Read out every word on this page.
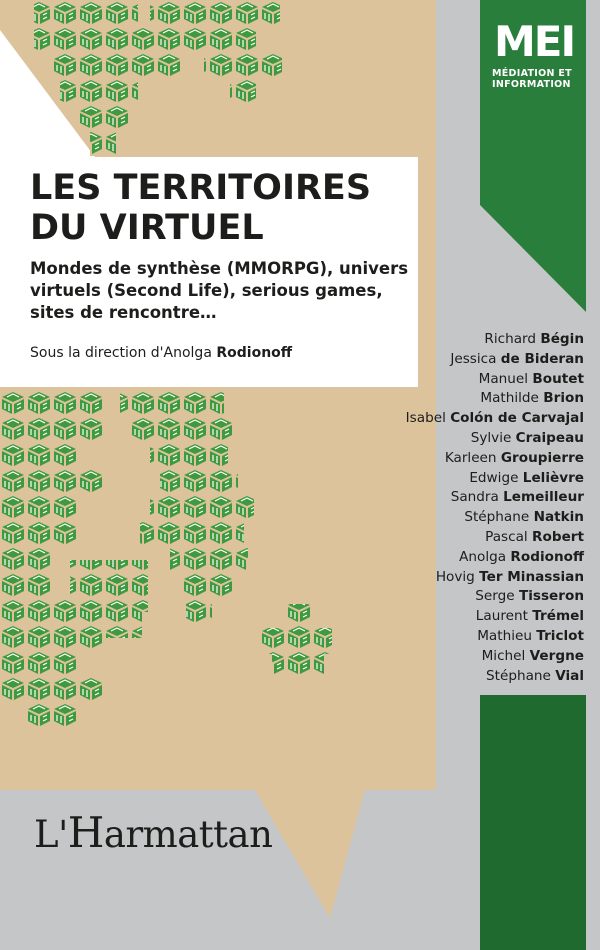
MEI
MÉDIATION ET
INFORMATION
LES TERRITOIRES
DU VIRTUEL
Mondes de synthèse (MMORPG), univers virtuels (Second Life), serious games, sites de rencontre…
Sous la direction d'Anolga Rodionoff
Richard Bégin
Jessica de Bideran
Manuel Boutet
Mathilde Brion
Isabel Colón de Carvajal
Sylvie Craipeau
Karleen Groupierre
Edwige Lelièvre
Sandra Lemeilleur
Stéphane Natkin
Pascal Robert
Anolga Rodionoff
Hovig Ter Minassian
Serge Tisseron
Laurent Trémel
Mathieu Triclot
Michel Vergne
Stéphane Vial
L'Harmattan
